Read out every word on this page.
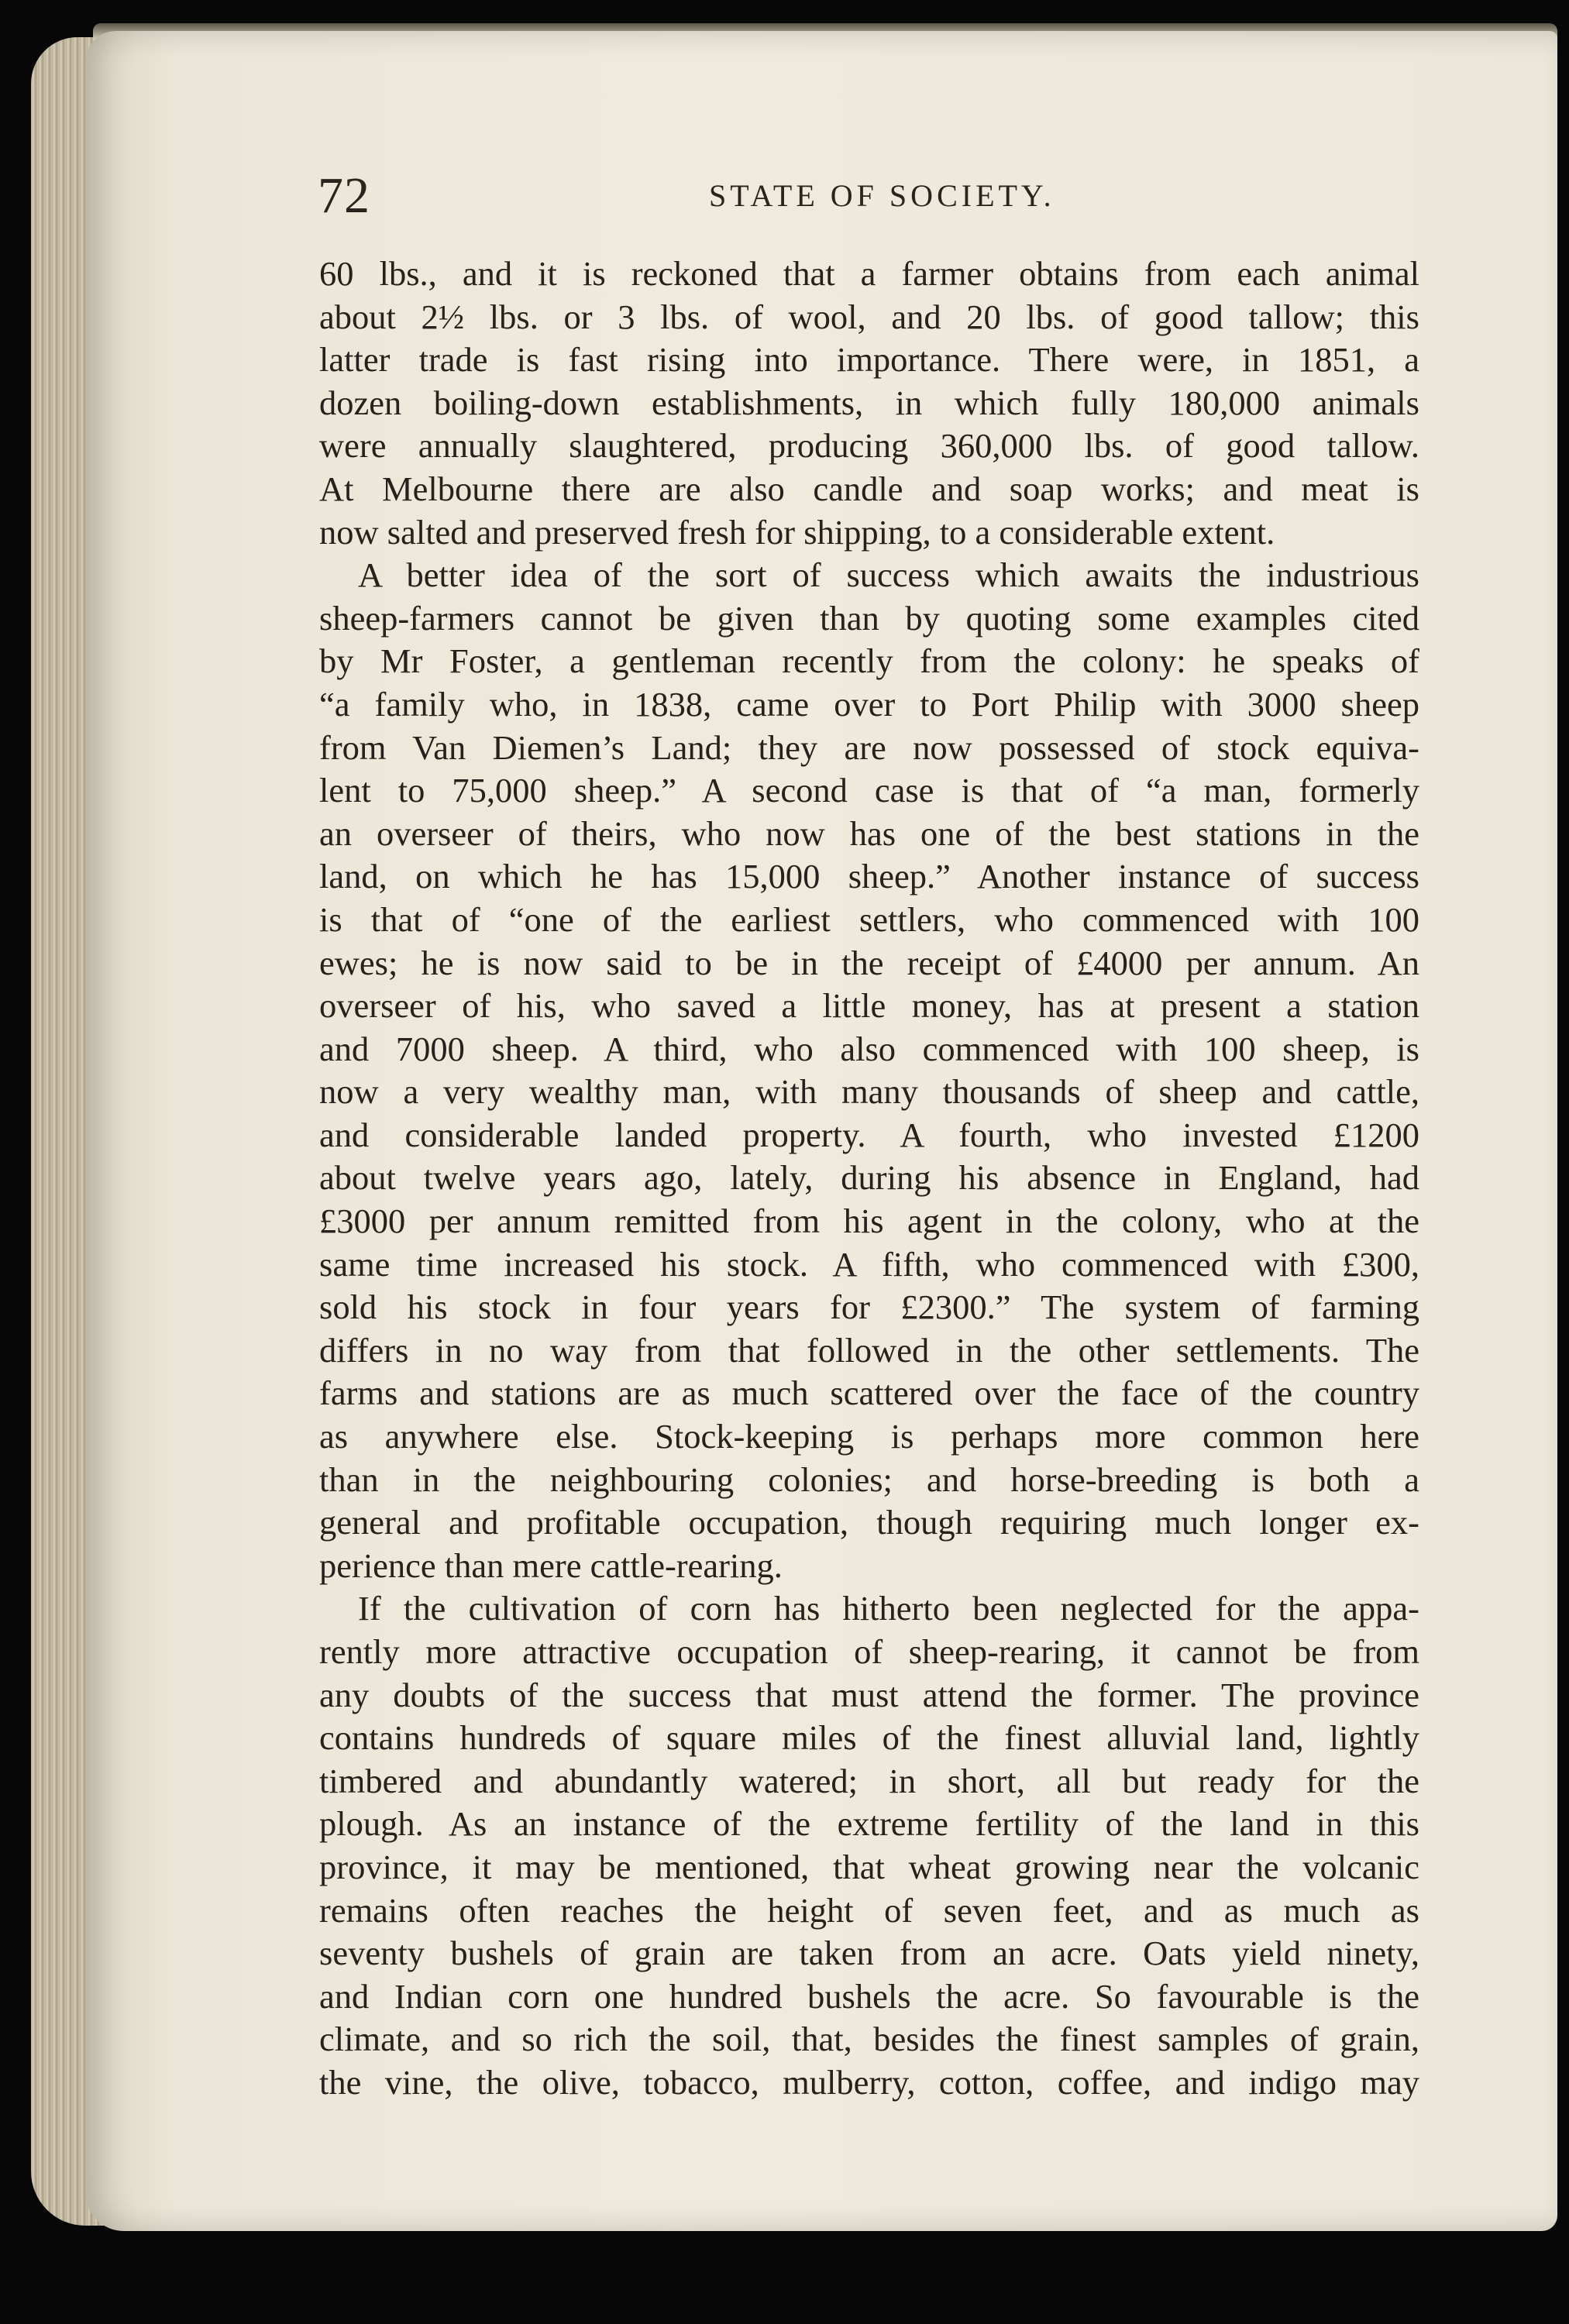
72	STATE OF SOCIETY.
60 lbs., and it is reckoned that a farmer obtains from each animal
about 2½ lbs. or 3 lbs. of wool, and 20 lbs. of good tallow; this
latter trade is fast rising into importance. There were, in 1851, a
dozen boiling-down establishments, in which fully 180,000 animals
were annually slaughtered, producing 360,000 lbs. of good tallow.
At Melbourne there are also candle and soap works; and meat is
now salted and preserved fresh for shipping, to a considerable extent.
A better idea of the sort of success which awaits the industrious
sheep-farmers cannot be given than by quoting some examples cited
by Mr Foster, a gentleman recently from the colony: he speaks of
“a family who, in 1838, came over to Port Philip with 3000 sheep
from Van Diemen’s Land; they are now possessed of stock equiva-
lent to 75,000 sheep.” A second case is that of “a man, formerly
an overseer of theirs, who now has one of the best stations in the
land, on which he has 15,000 sheep.” Another instance of success
is that of “one of the earliest settlers, who commenced with 100
ewes; he is now said to be in the receipt of £4000 per annum. An
overseer of his, who saved a little money, has at present a station
and 7000 sheep. A third, who also commenced with 100 sheep, is
now a very wealthy man, with many thousands of sheep and cattle,
and considerable landed property. A fourth, who invested £1200
about twelve years ago, lately, during his absence in England, had
£3000 per annum remitted from his agent in the colony, who at the
same time increased his stock. A fifth, who commenced with £300,
sold his stock in four years for £2300.” The system of farming
differs in no way from that followed in the other settlements. The
farms and stations are as much scattered over the face of the country
as anywhere else. Stock-keeping is perhaps more common here
than in the neighbouring colonies; and horse-breeding is both a
general and profitable occupation, though requiring much longer ex-
perience than mere cattle-rearing.
If the cultivation of corn has hitherto been neglected for the appa-
rently more attractive occupation of sheep-rearing, it cannot be from
any doubts of the success that must attend the former. The province
contains hundreds of square miles of the finest alluvial land, lightly
timbered and abundantly watered; in short, all but ready for the
plough. As an instance of the extreme fertility of the land in this
province, it may be mentioned, that wheat growing near the volcanic
remains often reaches the height of seven feet, and as much as
seventy bushels of grain are taken from an acre. Oats yield ninety,
and Indian corn one hundred bushels the acre. So favourable is the
climate, and so rich the soil, that, besides the finest samples of grain,
the vine, the olive, tobacco, mulberry, cotton, coffee, and indigo may
